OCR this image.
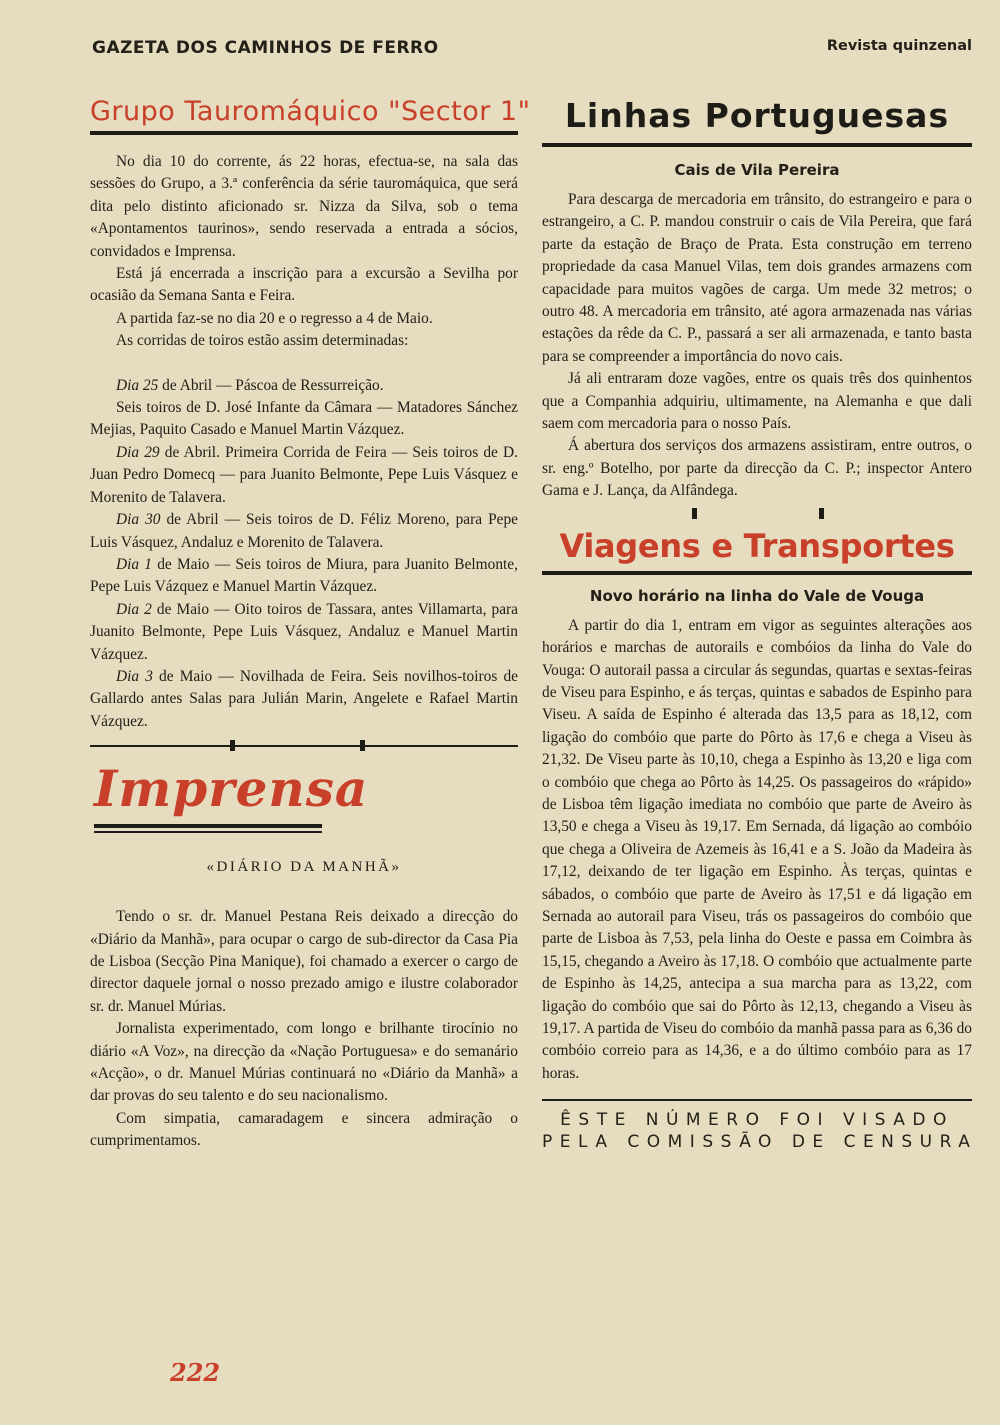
GAZETA DOS CAMINHOS DE FERRO	Revista quinzenal
Grupo Tauromáquico "Sector 1"

No dia 10 do corrente, ás 22 horas, efectua-se, na sala das sessões do Grupo, a 3.ª conferência da série tauromáquica, que será dita pelo distinto aficionado sr. Nizza da Silva, sob o tema «Apontamentos taurinos», sendo reservada a entrada a sócios, convidados e Imprensa.

Está já encerrada a inscrição para a excursão a Sevilha por ocasião da Semana Santa e Feira.

A partida faz-se no dia 20 e o regresso a 4 de Maio.

As corridas de toiros estão assim determinadas:

Dia 25 de Abril — Páscoa de Ressurreição.

Seis toiros de D. José Infante da Câmara — Matadores Sánchez Mejias, Paquito Casado e Manuel Martin Vázquez.

Dia 29 de Abril. Primeira Corrida de Feira — Seis toiros de D. Juan Pedro Domecq — para Juanito Belmonte, Pepe Luis Vásquez e Morenito de Talavera.

Dia 30 de Abril — Seis toiros de D. Féliz Moreno, para Pepe Luis Vásquez, Andaluz e Morenito de Talavera.

Dia 1 de Maio — Seis toiros de Miura, para Juanito Belmonte, Pepe Luis Vázquez e Manuel Martin Vázquez.

Dia 2 de Maio — Oito toiros de Tassara, antes Villamarta, para Juanito Belmonte, Pepe Luis Vásquez, Andaluz e Manuel Martin Vázquez.

Dia 3 de Maio — Novilhada de Feira. Seis novilhos-toiros de Gallardo antes Salas para Julián Marin, Angelete e Rafael Martin Vázquez.

Imprensa
«DIÁRIO DA MANHÃ»

Tendo o sr. dr. Manuel Pestana Reis deixado a direcção do «Diário da Manhã», para ocupar o cargo de sub-director da Casa Pia de Lisboa (Secção Pina Manique), foi chamado a exercer o cargo de director daquele jornal o nosso prezado amigo e ilustre colaborador sr. dr. Manuel Múrias.

Jornalista experimentado, com longo e brilhante tirocínio no diário «A Voz», na direcção da «Nação Portuguesa» e do semanário «Acção», o dr. Manuel Múrias continuará no «Diário da Manhã» a dar provas do seu talento e do seu nacionalismo.

Com simpatia, camaradagem e sincera admiração o cumprimentamos.

Linhas Portuguesas
Cais de Vila Pereira

Para descarga de mercadoria em trânsito, do estrangeiro e para o estrangeiro, a C. P. mandou construir o cais de Vila Pereira, que fará parte da estação de Braço de Prata. Esta construção em terreno propriedade da casa Manuel Vilas, tem dois grandes armazens com capacidade para muitos vagões de carga. Um mede 32 metros; o outro 48. A mercadoria em trânsito, até agora armazenada nas várias estações da rêde da C. P., passará a ser ali armazenada, e tanto basta para se compreender a importância do novo cais.

Já ali entraram doze vagões, entre os quais três dos quinhentos que a Companhia adquiriu, ultimamente, na Alemanha e que dali saem com mercadoria para o nosso País.

Á abertura dos serviços dos armazens assistiram, entre outros, o sr. eng.º Botelho, por parte da direcção da C. P.; inspector Antero Gama e J. Lança, da Alfândega.

Viagens e Transportes
Novo horário na linha do Vale de Vouga

A partir do dia 1, entram em vigor as seguintes alterações aos horários e marchas de autorails e combóios da linha do Vale do Vouga: O autorail passa a circular ás segundas, quartas e sextas-feiras de Viseu para Espinho, e ás terças, quintas e sabados de Espinho para Viseu. A saída de Espinho é alterada das 13,5 para as 18,12, com ligação do combóio que parte do Pôrto às 17,6 e chega a Viseu às 21,32. De Viseu parte às 10,10, chega a Espinho às 13,20 e liga com o combóio que chega ao Pôrto às 14,25. Os passageiros do «rápido» de Lisboa têm ligação imediata no combóio que parte de Aveiro às 13,50 e chega a Viseu às 19,17. Em Sernada, dá ligação ao combóio que chega a Oliveira de Azemeis às 16,41 e a S. João da Madeira às 17,12, deixando de ter ligação em Espinho. Às terças, quintas e sábados, o combóio que parte de Aveiro às 17,51 e dá ligação em Sernada ao autorail para Viseu, trás os passageiros do combóio que parte de Lisboa às 7,53, pela linha do Oeste e passa em Coimbra às 15,15, chegando a Aveiro às 17,18. O combóio que actualmente parte de Espinho às 14,25, antecipa a sua marcha para as 13,22, com ligação do combóio que sai do Pôrto às 12,13, chegando a Viseu às 19,17. A partida de Viseu do combóio da manhã passa para as 6,36 do combóio correio para as 14,36, e a do último combóio para as 17 horas.

ÊSTE NÚMERO FOI VISADO
PELA COMISSÃO DE CENSURA
222
